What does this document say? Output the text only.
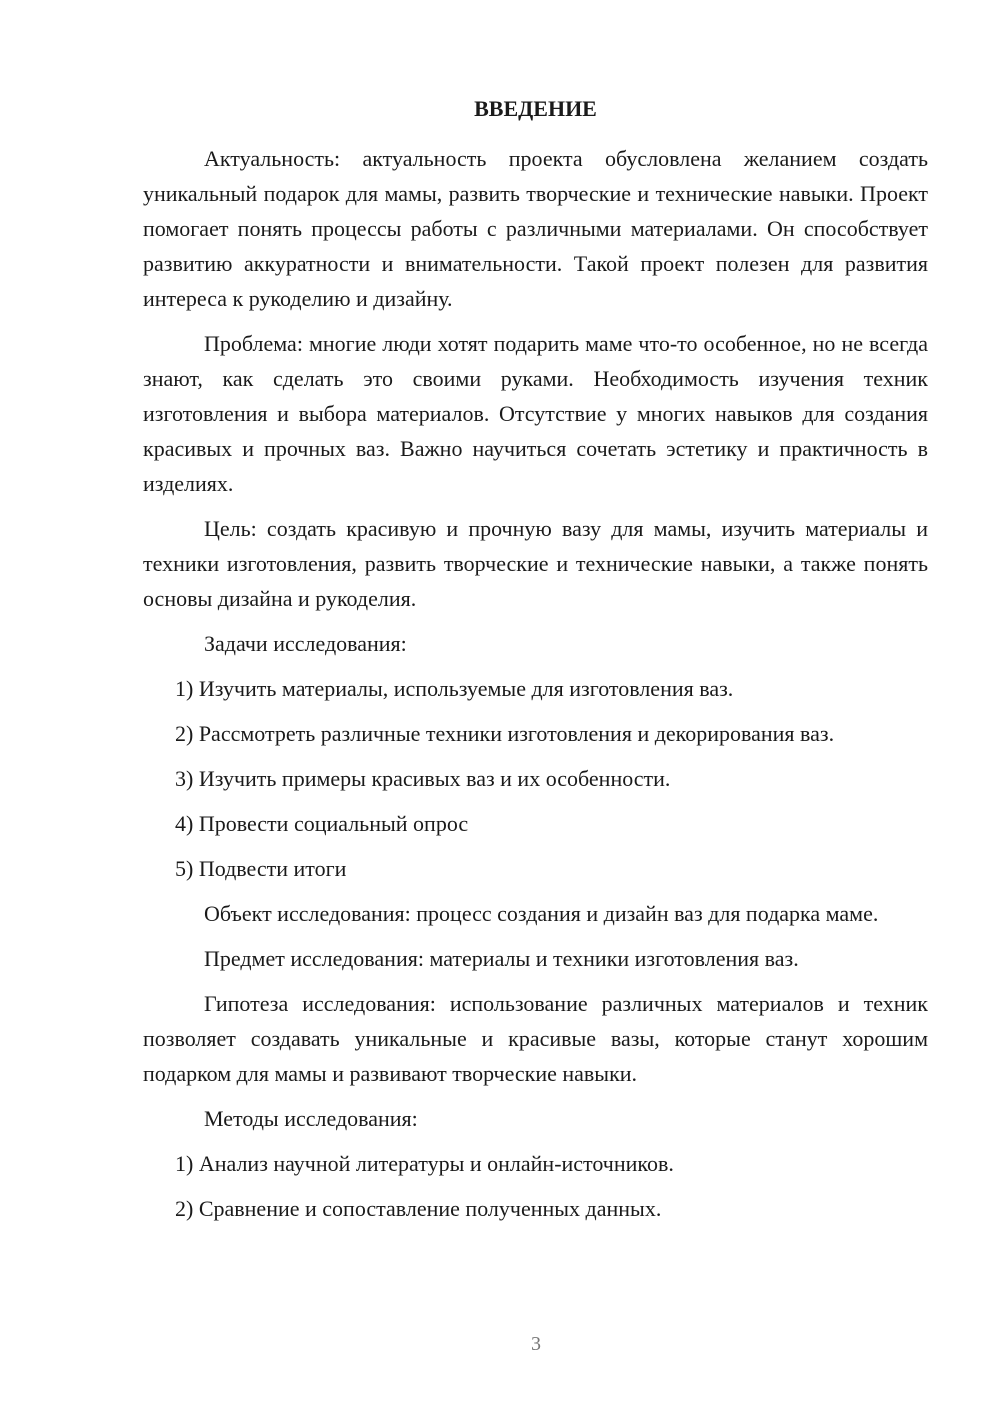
ВВЕДЕНИЕ

Актуальность: актуальность проекта обусловлена желанием создать уникальный подарок для мамы, развить творческие и технические навыки. Проект помогает понять процессы работы с различными материалами. Он способствует развитию аккуратности и внимательности. Такой проект полезен для развития интереса к рукоделию и дизайну.

Проблема: многие люди хотят подарить маме что-то особенное, но не всегда знают, как сделать это своими руками. Необходимость изучения техник изготовления и выбора материалов. Отсутствие у многих навыков для создания красивых и прочных ваз. Важно научиться сочетать эстетику и практичность в изделиях.

Цель: создать красивую и прочную вазу для мамы, изучить материалы и техники изготовления, развить творческие и технические навыки, а также понять основы дизайна и рукоделия.

Задачи исследования:

1) Изучить материалы, используемые для изготовления ваз.
2) Рассмотреть различные техники изготовления и декорирования ваз.
3) Изучить примеры красивых ваз и их особенности.
4) Провести социальный опрос
5) Подвести итоги

Объект исследования: процесс создания и дизайн ваз для подарка маме.

Предмет исследования: материалы и техники изготовления ваз.

Гипотеза исследования: использование различных материалов и техник позволяет создавать уникальные и красивые вазы, которые станут хорошим подарком для мамы и развивают творческие навыки.

Методы исследования:

1) Анализ научной литературы и онлайн-источников.
2) Сравнение и сопоставление полученных данных.
3
